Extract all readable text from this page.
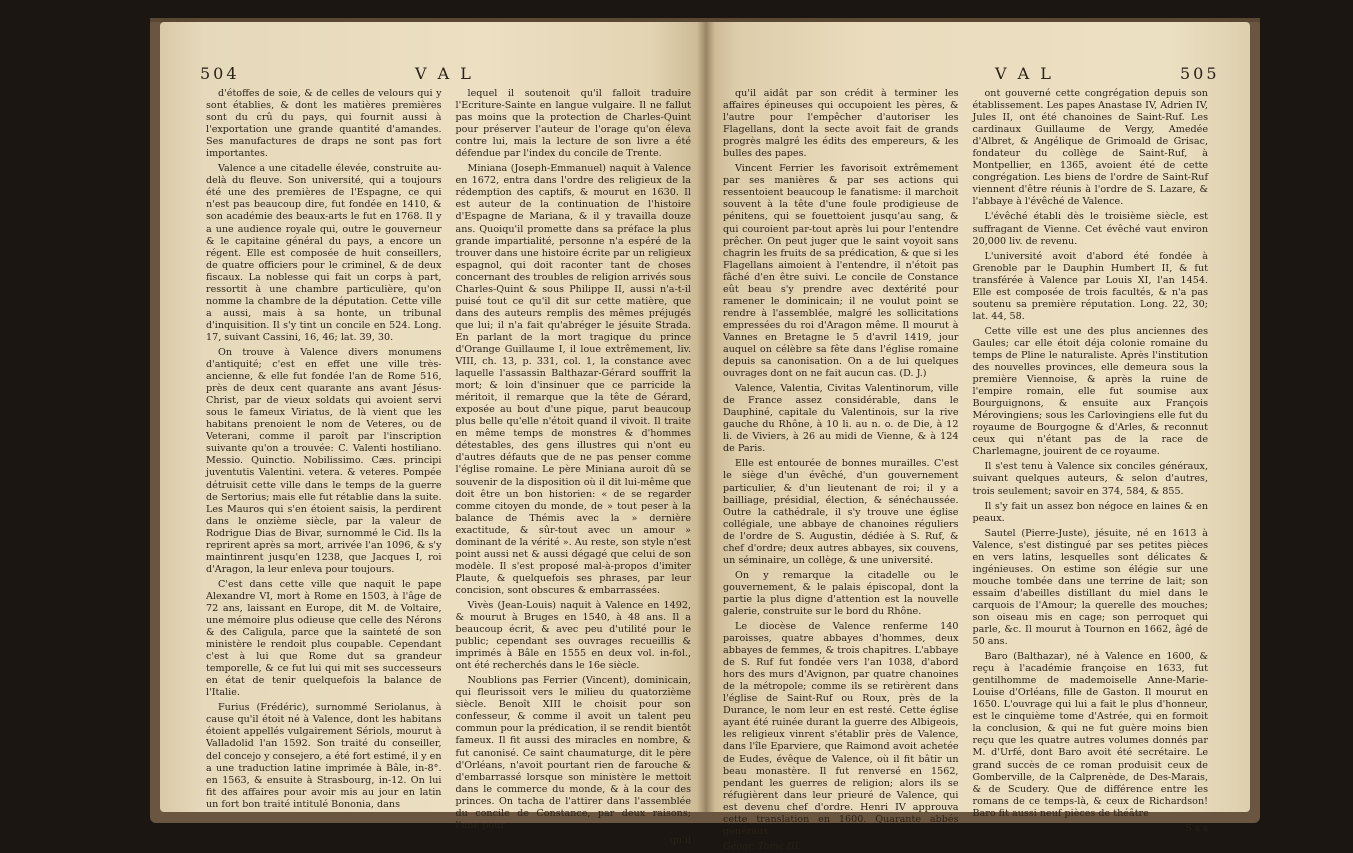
504	V A L

d'étoffes de soie, & de celles de velours qui y sont établies, & dont les matières premières sont du crû du pays, qui fournit aussi à l'exportation une grande quantité d'amandes. Ses manufactures de draps ne sont pas fort importantes.

Valence a une citadelle élevée, construite au-delà du fleuve. Son université, qui a toujours été une des premières de l'Espagne, ce qui n'est pas beaucoup dire, fut fondée en 1410, & son académie des beaux-arts le fut en 1768. Il y a une audience royale qui, outre le gouverneur & le capitaine général du pays, a encore un régent. Elle est composée de huit conseillers, de quatre officiers pour le criminel, & de deux fiscaux. La noblesse qui fait un corps à part, ressortit à une chambre particulière, qu'on nomme la chambre de la députation. Cette ville a aussi, mais à sa honte, un tribunal d'inquisition. Il s'y tint un concile en 524. Long. 17, suivant Cassini, 16, 46; lat. 39, 30.

On trouve à Valence divers monumens d'antiquité; c'est en effet une ville très-ancienne, & elle fut fondée l'an de Rome 516, près de deux cent quarante ans avant Jésus-Christ, par de vieux soldats qui avoient servi sous le fameux Viriatus, de là vient que les habitans prenoient le nom de Veteres, ou de Veterani, comme il paroît par l'inscription suivante qu'on a trouvée: C. Valenti hostiliano. Messio. Quinctio. Nobilissimo. Cæs. principi juventutis Valentini. vetera. & veteres. Pompée détruisit cette ville dans le temps de la guerre de Sertorius; mais elle fut rétablie dans la suite. Les Mauros qui s'en étoient saisis, la perdirent dans le onzième siècle, par la valeur de Rodrigue Dias de Bivar, surnommé le Cid. Ils la reprirent après sa mort, arrivée l'an 1096, & s'y maintinrent jusqu'en 1238, que Jacques I, roi d'Aragon, la leur enleva pour toujours.

C'est dans cette ville que naquit le pape Alexandre VI, mort à Rome en 1503, à l'âge de 72 ans, laissant en Europe, dit M. de Voltaire, une mémoire plus odieuse que celle des Nérons & des Caligula, parce que la sainteté de son ministère le rendoit plus coupable. Cependant c'est à lui que Rome dut sa grandeur temporelle, & ce fut lui qui mit ses successeurs en état de tenir quelquefois la balance de l'Italie.

Furius (Frédéric), surnommé Seriolanus, à cause qu'il étoit né à Valence, dont les habitans étoient appellés vulgairement Sériols, mourut à Valladolid l'an 1592. Son traité du conseiller, del concejo y consejero, a été fort estimé, il y en a une traduction latine imprimée à Bâle, in-8°. en 1563, & ensuite à Strasbourg, in-12. On lui fit des affaires pour avoir mis au jour en latin un fort bon traité intitulé Bononia, dans

lequel il soutenoit qu'il falloit traduire l'Ecriture-Sainte en langue vulgaire. Il ne fallut pas moins que la protection de Charles-Quint pour préserver l'auteur de l'orage qu'on éleva contre lui, mais la lecture de son livre a été défendue par l'index du concile de Trente.

Miniana (Joseph-Emmanuel) naquit à Valence en 1672, entra dans l'ordre des religieux de la rédemption des captifs, & mourut en 1630. Il est auteur de la continuation de l'histoire d'Espagne de Mariana, & il y travailla douze ans. Quoiqu'il promette dans sa préface la plus grande impartialité, personne n'a espéré de la trouver dans une histoire écrite par un religieux espagnol, qui doit raconter tant de choses concernant des troubles de religion arrivés sous Charles-Quint & sous Philippe II, aussi n'a-t-il puisé tout ce qu'il dit sur cette matière, que dans des auteurs remplis des mêmes préjugés que lui; il n'a fait qu'abréger le jésuite Strada. En parlant de la mort tragique du prince d'Orange Guillaume I, il loue extrêmement, liv. VIII, ch. 13, p. 331, col. 1, la constance avec laquelle l'assassin Balthazar-Gérard souffrit la mort; & loin d'insinuer que ce parricide la méritoit, il remarque que la tête de Gérard, exposée au bout d'une pique, parut beaucoup plus belle qu'elle n'étoit quand il vivoit. Il traite en même temps de monstres & d'hommes détestables, des gens illustres qui n'ont eu d'autres défauts que de ne pas penser comme l'église romaine. Le père Miniana auroit dû se souvenir de la disposition où il dit lui-même que doit être un bon historien: « de se regarder comme citoyen du monde, de » tout peser à la balance de Thémis avec la » dernière exactitude, & sûr-tout avec un amour » dominant de la vérité ». Au reste, son style n'est point aussi net & aussi dégagé que celui de son modèle. Il s'est proposé mal-à-propos d'imiter Plaute, & quelquefois ses phrases, par leur concision, sont obscures & embarrassées.

Vivès (Jean-Louis) naquit à Valence en 1492, & mourut à Bruges en 1540, à 48 ans. Il a beaucoup écrit, & avec peu d'utilité pour le public; cependant ses ouvrages recueillis & imprimés à Bâle en 1555 en deux vol. in-fol., ont été recherchés dans le 16e siècle.

Noublions pas Ferrier (Vincent), dominicain, qui fleurissoit vers le milieu du quatorzième siècle. Benoît XIII le choisit pour son confesseur, & comme il avoit un talent peu commun pour la prédication, il se rendit bientôt fameux. Il fit aussi des miracles en nombre, & fut canonisé. Ce saint chaumaturge, dit le père d'Orléans, n'avoit pourtant rien de farouche & d'embarrassé lorsque son ministère le mettoit dans le commerce du monde, & à la cour des princes. On tacha de l'attirer dans l'assemblée du concile de Constance, par deux raisons; l'une pour

qu'il
V A L	505

qu'il aidât par son crédit à terminer les affaires épineuses qui occupoient les pères, & l'autre pour l'empêcher d'autoriser les Flagellans, dont la secte avoit fait de grands progrès malgré les édits des empereurs, & les bulles des papes.

Vincent Ferrier les favorisoit extrêmement par ses manières & par ses actions qui ressentoient beaucoup le fanatisme: il marchoit souvent à la tête d'une foule prodigieuse de pénitens, qui se fouettoient jusqu'au sang, & qui couroient par-tout après lui pour l'entendre prêcher. On peut juger que le saint voyoit sans chagrin les fruits de sa prédication, & que si les Flagellans aimoient à l'entendre, il n'étoit pas fâché d'en être suivi. Le concile de Constance eût beau s'y prendre avec dextérité pour ramener le dominicain; il ne voulut point se rendre à l'assemblée, malgré les sollicitations empressées du roi d'Aragon même. Il mourut à Vannes en Bretagne le 5 d'avril 1419, jour auquel on célèbre sa fête dans l'église romaine depuis sa canonisation. On a de lui quelques ouvrages dont on ne fait aucun cas. (D. J.)

Valence, Valentia, Civitas Valentinorum, ville de France assez considérable, dans le Dauphiné, capitale du Valentinois, sur la rive gauche du Rhône, à 10 li. au n. o. de Die, à 12 li. de Viviers, à 26 au midi de Vienne, & à 124 de Paris.

Elle est entourée de bonnes murailles. C'est le siège d'un évêché, d'un gouvernement particulier, & d'un lieutenant de roi; il y a bailliage, présidial, élection, & sénéchaussée. Outre la cathédrale, il s'y trouve une église collégiale, une abbaye de chanoines réguliers de l'ordre de S. Augustin, dédiée à S. Ruf, & chef d'ordre; deux autres abbayes, six couvens, un séminaire, un collège, & une université.

On y remarque la citadelle ou le gouvernement, & le palais épiscopal, dont la partie la plus digne d'attention est la nouvelle galerie, construite sur le bord du Rhône.

Le diocèse de Valence renferme 140 paroisses, quatre abbayes d'hommes, deux abbayes de femmes, & trois chapitres. L'abbaye de S. Ruf fut fondée vers l'an 1038, d'abord hors des murs d'Avignon, par quatre chanoines de la métropole; comme ils se retirèrent dans l'église de Saint-Ruf ou Roux, près de la Durance, le nom leur en est resté. Cette église ayant été ruinée durant la guerre des Albigeois, les religieux vinrent s'établir près de Valence, dans l'île Eparviere, que Raimond avoit achetée de Eudes, évêque de Valence, où il fit bâtir un beau monastère. Il fut renversé en 1562, pendant les guerres de religion; alors ils se réfugièrent dans leur prieuré de Valence, qui est devenu chef d'ordre. Henri IV approuva cette translation en 1600. Quarante abbés généraux

Géogr. Tome III.

ont gouverné cette congrégation depuis son établissement. Les papes Anastase IV, Adrien IV, Jules II, ont été chanoines de Saint-Ruf. Les cardinaux Guillaume de Vergy, Amedée d'Albret, & Angélique de Grimoald de Grisac, fondateur du collège de Saint-Ruf, à Montpellier, en 1365, avoient été de cette congrégation. Les biens de l'ordre de Saint-Ruf viennent d'être réunis à l'ordre de S. Lazare, & l'abbaye à l'évêché de Valence.

L'évêché établi dès le troisième siècle, est suffragant de Vienne. Cet évêché vaut environ 20,000 liv. de revenu.

L'université avoit d'abord été fondée à Grenoble par le Dauphin Humbert II, & fut transférée à Valence par Louis XI, l'an 1454. Elle est composée de trois facultés, & n'a pas soutenu sa première réputation. Long. 22, 30; lat. 44, 58.

Cette ville est une des plus anciennes des Gaules; car elle étoit déja colonie romaine du temps de Pline le naturaliste. Après l'institution des nouvelles provinces, elle demeura sous la première Viennoise, & après la ruine de l'empire romain, elle fut soumise aux Bourguignons, & ensuite aux François Mérovingiens; sous les Carlovingiens elle fut du royaume de Bourgogne & d'Arles, & reconnut ceux qui n'étant pas de la race de Charlemagne, jouirent de ce royaume.

Il s'est tenu à Valence six conciles généraux, suivant quelques auteurs, & selon d'autres, trois seulement; savoir en 374, 584, & 855.

Il s'y fait un assez bon négoce en laines & en peaux.

Sautel (Pierre-Juste), jésuite, né en 1613 à Valence, s'est distingué par ses petites pièces en vers latins, lesquelles sont délicates & ingénieuses. On estime son élégie sur une mouche tombée dans une terrine de lait; son essaim d'abeilles distillant du miel dans le carquois de l'Amour; la querelle des mouches; son oiseau mis en cage; son perroquet qui parle, &c. Il mourut à Tournon en 1662, âgé de 50 ans.

Baro (Balthazar), né à Valence en 1600, & reçu à l'académie françoise en 1633, fut gentilhomme de mademoiselle Anne-Marie-Louise d'Orléans, fille de Gaston. Il mourut en 1650. L'ouvrage qui lui a fait le plus d'honneur, est le cinquième tome d'Astrée, qui en formoit la conclusion, & qui ne fut guère moins bien reçu que les quatre autres volumes donnés par M. d'Urfé, dont Baro avoit été secrétaire. Le grand succès de ce roman produisit ceux de Gomberville, de la Calprenède, de Des-Marais, & de Scudery. Que de différence entre les romans de ce temps-là, & ceux de Richardson! Baro fit aussi neuf pièces de théâtre

S s s
